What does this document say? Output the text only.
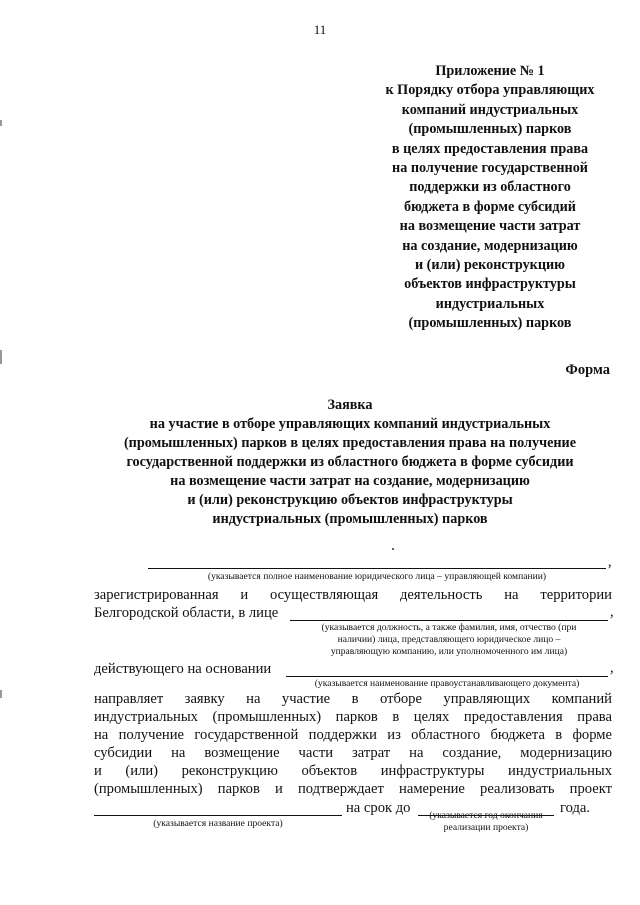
11
Приложение № 1
к Порядку отбора управляющих
компаний индустриальных
(промышленных) парков
в целях предоставления права
на получение государственной
поддержки из областного
бюджета в форме субсидий
на возмещение части затрат
на создание, модернизацию
и (или) реконструкцию
объектов инфраструктуры
индустриальных
(промышленных) парков
Форма
Заявка
на участие в отборе управляющих компаний индустриальных
(промышленных) парков в целях предоставления права на получение
государственной поддержки из областного бюджета в форме субсидии
на возмещение части затрат на создание, модернизацию
и (или) реконструкцию объектов инфраструктуры
индустриальных (промышленных) парков
,
(указывается полное наименование юридического лица – управляющей компании)
зарегистрированная и осуществляющая деятельность на территории
Белгородской области, в лице	,
(указывается должность, а также фамилия, имя, отчество (при
наличии) лица, представляющего юридическое лицо –
управляющую компанию, или уполномоченного им лица)
действующего на основании	,
(указывается наименование правоустанавливающего документа)
направляет заявку на участие в отборе управляющих компаний
индустриальных (промышленных) парков в целях предоставления права
на получение государственной поддержки из областного бюджета в форме
субсидии на возмещение части затрат на создание, модернизацию
и (или) реконструкцию объектов инфраструктуры индустриальных
(промышленных) парков и подтверждает намерение реализовать проект
на срок до	года.
(указывается название проекта)
(указывается год окончания
реализации проекта)
